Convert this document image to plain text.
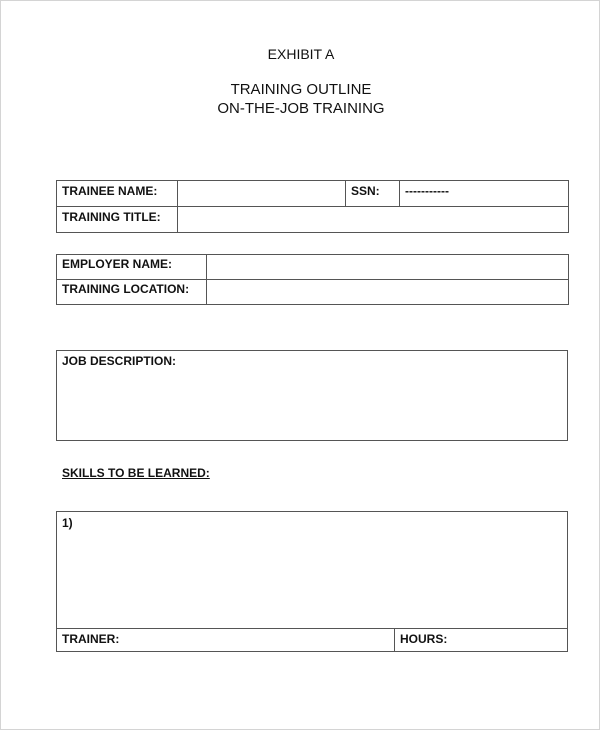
EXHIBIT A
TRAINING OUTLINE
ON-THE-JOB TRAINING
TRAINEE NAME:		SSN:	-----------
TRAINING TITLE:			
EMPLOYER NAME:	
TRAINING LOCATION:	
JOB DESCRIPTION:
SKILLS TO BE LEARNED:
1)
TRAINER:	HOURS:
